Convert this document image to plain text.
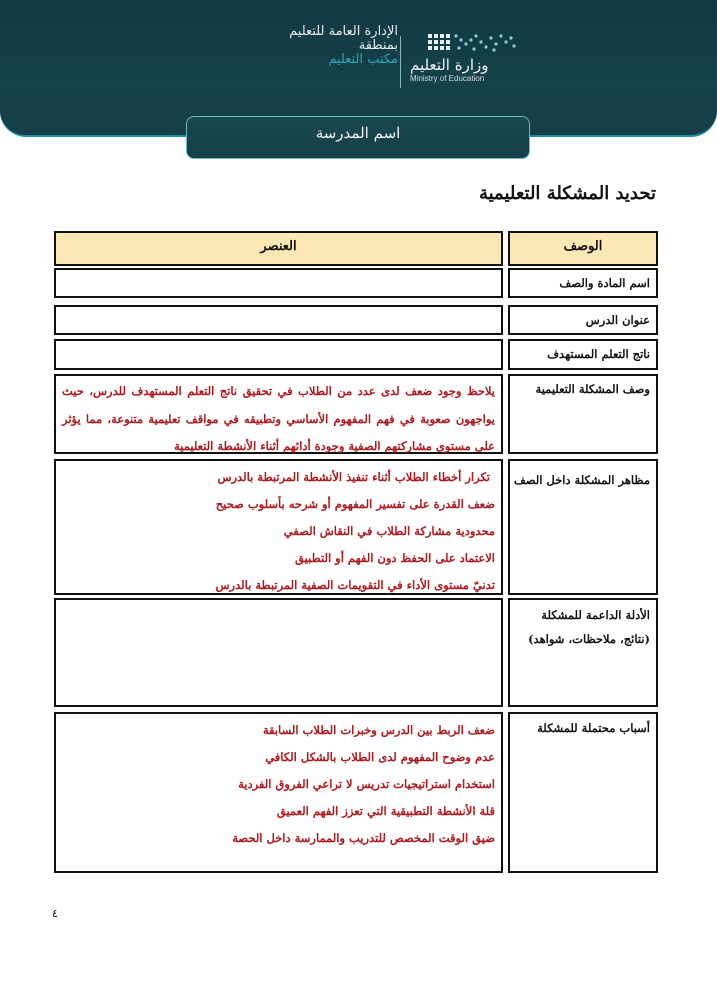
الإدارة العامة للتعليم
بمنطقة
مكتب التعليم وزارة التعليم
Ministry of Education
اسم المدرسة
تحديد المشكلة التعليمية
الوصف
العنصر
اسم المادة والصف
عنوان الدرس
ناتج التعلم المستهدف
وصف المشكلة التعليمية
يلاحظ وجود ضعف لدى عدد من الطلاب في تحقيق ناتج التعلم المستهدف للدرس، حيث يواجهون صعوبة في فهم المفهوم الأساسي وتطبيقه في مواقف تعليمية متنوعة، مما يؤثر على مستوى مشاركتهم الصفية وجودة أدائهم أثناء الأنشطة التعليمية
مظاهر المشكلة داخل الصف
تكرار أخطاء الطلاب أثناء تنفيذ الأنشطة المرتبطة بالدرس
ضعف القدرة على تفسير المفهوم أو شرحه بأسلوب صحيح
محدودية مشاركة الطلاب في النقاش الصفي
الاعتماد على الحفظ دون الفهم أو التطبيق
تدنيّ مستوى الأداء في التقويمات الصفية المرتبطة بالدرس
الأدلة الداعمة للمشكلة
(نتائج، ملاحظات، شواهد)
أسباب محتملة للمشكلة
ضعف الربط بين الدرس وخبرات الطلاب السابقة
عدم وضوح المفهوم لدى الطلاب بالشكل الكافي
استخدام استراتيجيات تدريس لا تراعي الفروق الفردية
قلة الأنشطة التطبيقية التي تعزز الفهم العميق
ضيق الوقت المخصص للتدريب والممارسة داخل الحصة
٤
